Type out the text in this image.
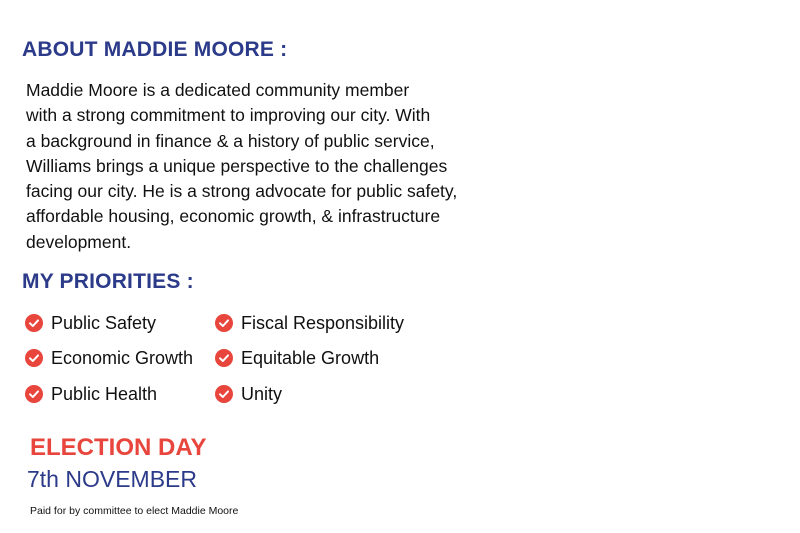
ABOUT MADDIE MOORE :

Maddie Moore is a dedicated community member
with a strong commitment to improving our city. With
a background in finance & a history of public service,
Williams brings a unique perspective to the challenges
facing our city. He is a strong advocate for public safety,
affordable housing, economic growth, & infrastructure
development.

MY PRIORITIES :
Public Safety	Fiscal Responsibility
Economic Growth	Equitable Growth
Public Health	Unity
ELECTION DAY

7th NOVEMBER

Paid for by committee to elect Maddie Moore
